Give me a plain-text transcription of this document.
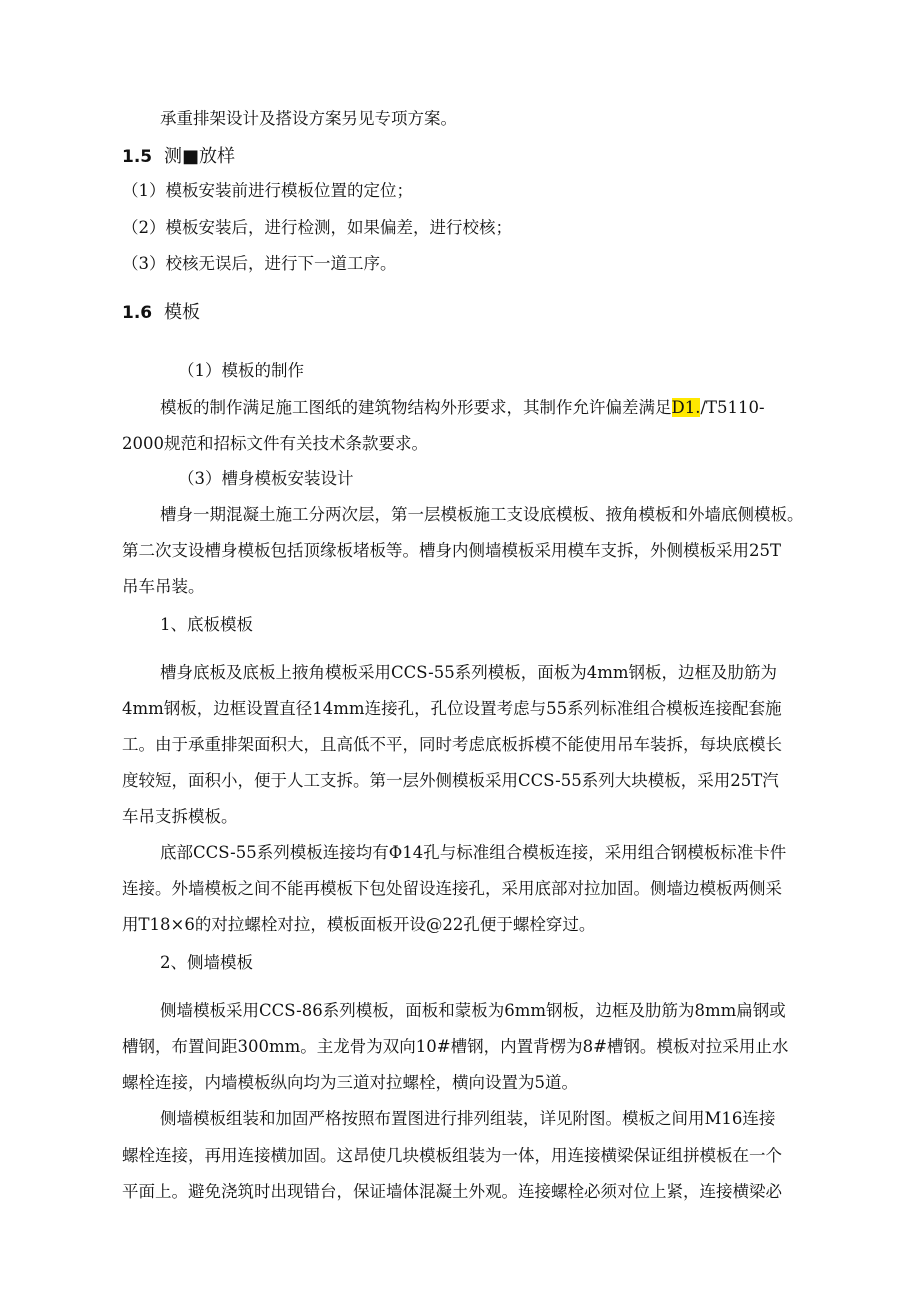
承重排架设计及搭设方案另见专项方案。
1.5 测■放样
（1）模板安装前进行模板位置的定位；
（2）模板安装后，进行检测，如果偏差，进行校核；
（3）校核无误后，进行下一道工序。
1.6 模板
（1）模板的制作
模板的制作满足施工图纸的建筑物结构外形要求，其制作允许偏差满足D1./T5110-
2000规范和招标文件有关技术条款要求。
（3）槽身模板安装设计
槽身一期混凝土施工分两次层，第一层模板施工支设底模板、掖角模板和外墙底侧模板。
第二次支设槽身模板包括顶缘板堵板等。槽身内侧墙模板采用模车支拆，外侧模板采用25T
吊车吊装。
1、底板模板
槽身底板及底板上掖角模板采用CCS-55系列模板，面板为4mm钢板，边框及肋筋为
4mm钢板，边框设置直径14mm连接孔，孔位设置考虑与55系列标准组合模板连接配套施
工。由于承重排架面积大，且高低不平，同时考虑底板拆模不能使用吊车装拆，每块底模长
度较短，面积小，便于人工支拆。第一层外侧模板采用CCS-55系列大块模板，采用25T汽
车吊支拆模板。
底部CCS-55系列模板连接均有Φ14孔与标准组合模板连接，采用组合钢模板标准卡件
连接。外墙模板之间不能再模板下包处留设连接孔，采用底部对拉加固。侧墙边模板两侧采
用T18×6的对拉螺栓对拉，模板面板开设@22孔便于螺栓穿过。
2、侧墙模板
侧墙模板采用CCS-86系列模板，面板和蒙板为6mm钢板，边框及肋筋为8mm扁钢或
槽钢，布置间距300mm。主龙骨为双向10#槽钢，内置背楞为8#槽钢。模板对拉采用止水
螺栓连接，内墙模板纵向均为三道对拉螺栓，横向设置为5道。
侧墙模板组装和加固严格按照布置图进行排列组装，详见附图。模板之间用M16连接
螺栓连接，再用连接横加固。这昂使几块模板组装为一体，用连接横梁保证组拼模板在一个
平面上。避免浇筑时出现错台，保证墙体混凝土外观。连接螺栓必须对位上紧，连接横梁必
